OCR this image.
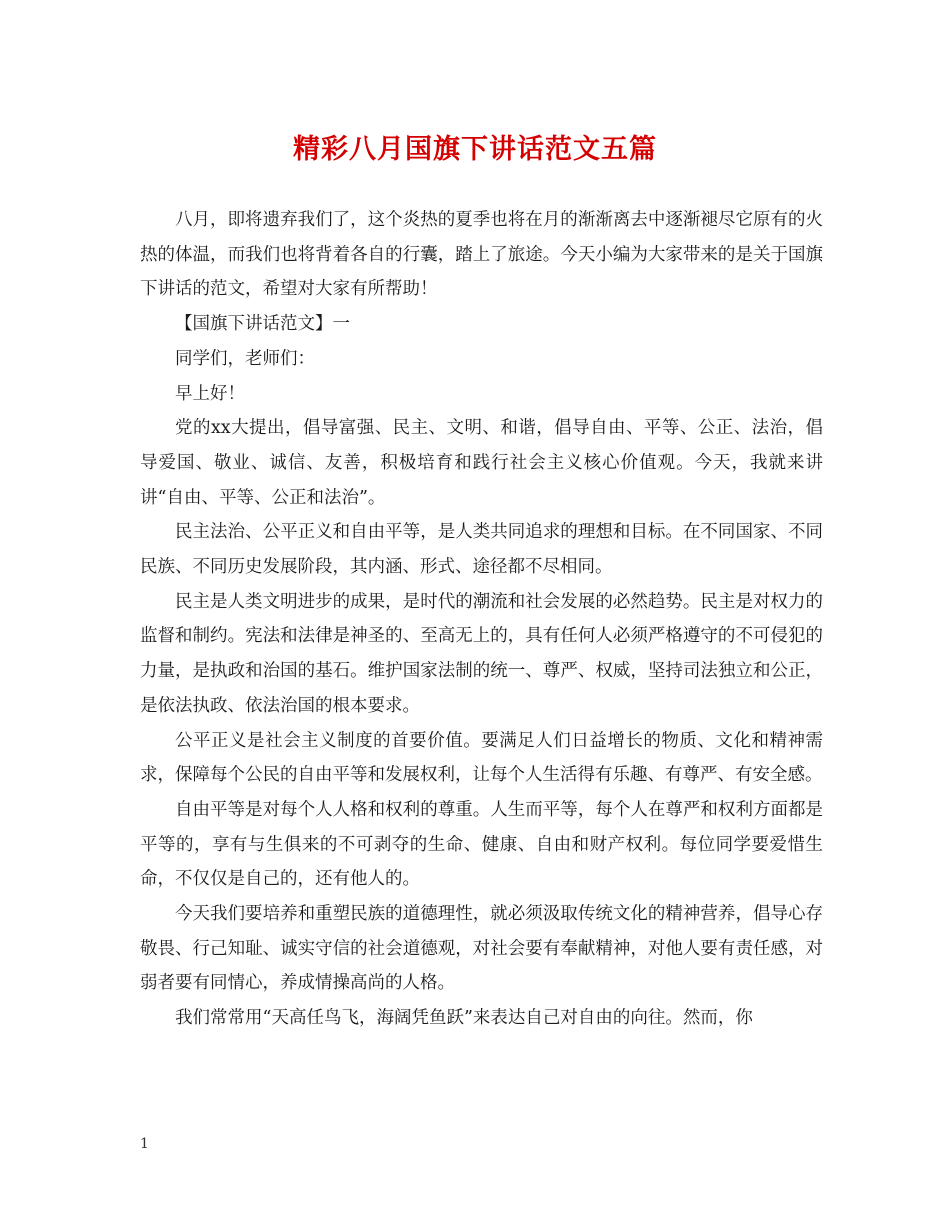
精彩八月国旗下讲话范文五篇

八月，即将遗弃我们了，这个炎热的夏季也将在月的渐渐离去中逐渐褪尽它原有的火热的体温，而我们也将背着各自的行囊，踏上了旅途。今天小编为大家带来的是关于国旗下讲话的范文，希望对大家有所帮助！

【国旗下讲话范文】一

同学们，老师们：

早上好！

党的xx大提出，倡导富强、民主、文明、和谐，倡导自由、平等、公正、法治，倡导爱国、敬业、诚信、友善，积极培育和践行社会主义核心价值观。今天，我就来讲讲“自由、平等、公正和法治”。

民主法治、公平正义和自由平等，是人类共同追求的理想和目标。在不同国家、不同民族、不同历史发展阶段，其内涵、形式、途径都不尽相同。

民主是人类文明进步的成果，是时代的潮流和社会发展的必然趋势。民主是对权力的监督和制约。宪法和法律是神圣的、至高无上的，具有任何人必须严格遵守的不可侵犯的力量，是执政和治国的基石。维护国家法制的统一、尊严、权威，坚持司法独立和公正，是依法执政、依法治国的根本要求。

公平正义是社会主义制度的首要价值。要满足人们日益增长的物质、文化和精神需求，保障每个公民的自由平等和发展权利，让每个人生活得有乐趣、有尊严、有安全感。

自由平等是对每个人人格和权利的尊重。人生而平等，每个人在尊严和权利方面都是平等的，享有与生俱来的不可剥夺的生命、健康、自由和财产权利。每位同学要爱惜生命，不仅仅是自己的，还有他人的。

今天我们要培养和重塑民族的道德理性，就必须汲取传统文化的精神营养，倡导心存敬畏、行己知耻、诚实守信的社会道德观，对社会要有奉献精神，对他人要有责任感，对弱者要有同情心，养成情操高尚的人格。

我们常常用“天高任鸟飞，海阔凭鱼跃”来表达自己对自由的向往。然而，你

1
